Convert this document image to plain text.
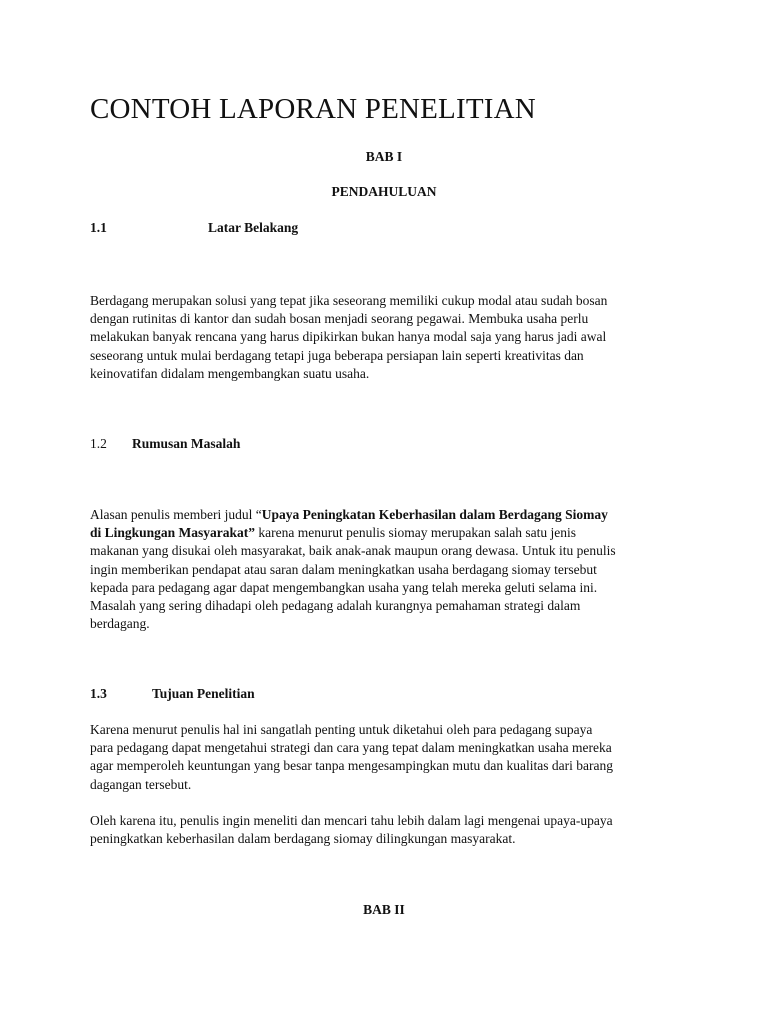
CONTOH LAPORAN PENELITIAN

BAB I

PENDAHULUAN

1.1	Latar Belakang

Berdagang merupakan solusi yang tepat jika seseorang memiliki cukup modal atau sudah bosan
dengan rutinitas di kantor dan sudah bosan menjadi seorang pegawai. Membuka usaha perlu
melakukan banyak rencana yang harus dipikirkan bukan hanya modal saja yang harus jadi awal
seseorang untuk mulai berdagang tetapi juga beberapa persiapan lain seperti kreativitas dan
keinovatifan didalam mengembangkan suatu usaha.

1.2 Rumusan Masalah

Alasan penulis memberi judul “Upaya Peningkatan Keberhasilan dalam Berdagang Siomay
di Lingkungan Masyarakat” karena menurut penulis siomay merupakan salah satu jenis
makanan yang disukai oleh masyarakat, baik anak-anak maupun orang dewasa. Untuk itu penulis
ingin memberikan pendapat atau saran dalam meningkatkan usaha berdagang siomay tersebut
kepada para pedagang agar dapat mengembangkan usaha yang telah mereka geluti selama ini.
Masalah yang sering dihadapi oleh pedagang adalah kurangnya pemahaman strategi dalam
berdagang.

1.3	Tujuan Penelitian

Karena menurut penulis hal ini sangatlah penting untuk diketahui oleh para pedagang supaya
para pedagang dapat mengetahui strategi dan cara yang tepat dalam meningkatkan usaha mereka
agar memperoleh keuntungan yang besar tanpa mengesampingkan mutu dan kualitas dari barang
dagangan tersebut.
Oleh karena itu, penulis ingin meneliti dan mencari tahu lebih dalam lagi mengenai upaya-upaya
peningkatkan keberhasilan dalam berdagang siomay dilingkungan masyarakat.

BAB II
